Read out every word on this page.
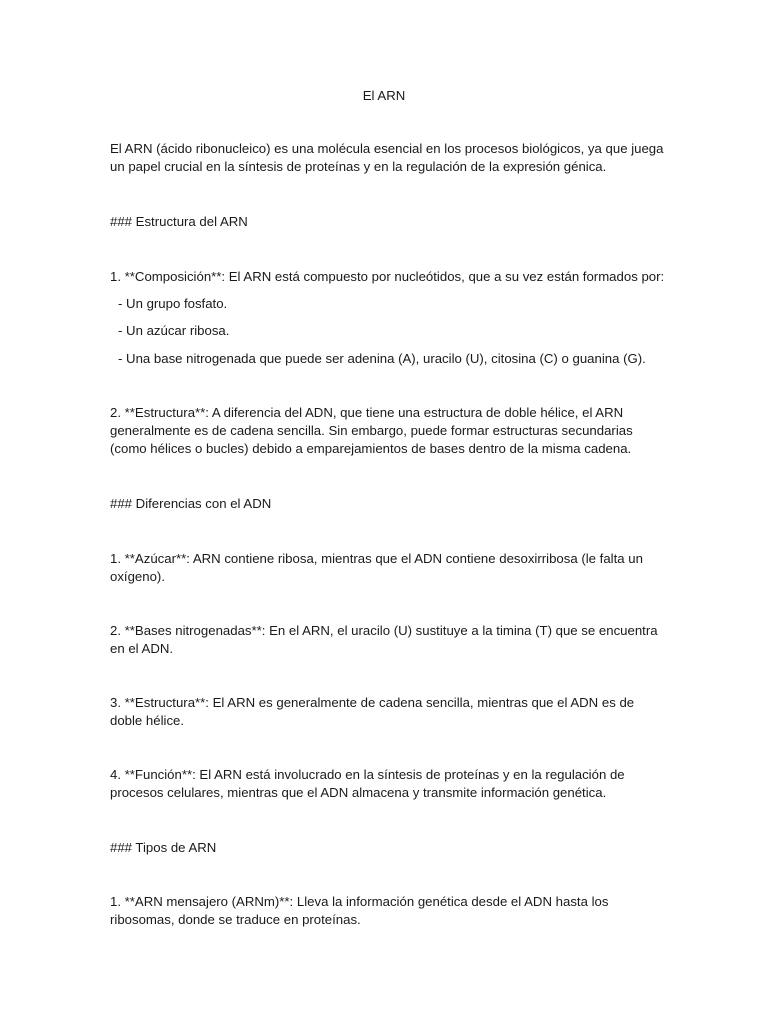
El ARN

El ARN (ácido ribonucleico) es una molécula esencial en los procesos biológicos, ya que juega

un papel crucial en la síntesis de proteínas y en la regulación de la expresión génica.

### Estructura del ARN

1. **Composición**: El ARN está compuesto por nucleótidos, que a su vez están formados por:

- Un grupo fosfato.

- Un azúcar ribosa.

- Una base nitrogenada que puede ser adenina (A), uracilo (U), citosina (C) o guanina (G).

2. **Estructura**: A diferencia del ADN, que tiene una estructura de doble hélice, el ARN

generalmente es de cadena sencilla. Sin embargo, puede formar estructuras secundarias

(como hélices o bucles) debido a emparejamientos de bases dentro de la misma cadena.

### Diferencias con el ADN

1. **Azúcar**: ARN contiene ribosa, mientras que el ADN contiene desoxirribosa (le falta un

oxígeno).

2. **Bases nitrogenadas**: En el ARN, el uracilo (U) sustituye a la timina (T) que se encuentra

en el ADN.

3. **Estructura**: El ARN es generalmente de cadena sencilla, mientras que el ADN es de

doble hélice.

4. **Función**: El ARN está involucrado en la síntesis de proteínas y en la regulación de

procesos celulares, mientras que el ADN almacena y transmite información genética.

### Tipos de ARN

1. **ARN mensajero (ARNm)**: Lleva la información genética desde el ADN hasta los

ribosomas, donde se traduce en proteínas.
